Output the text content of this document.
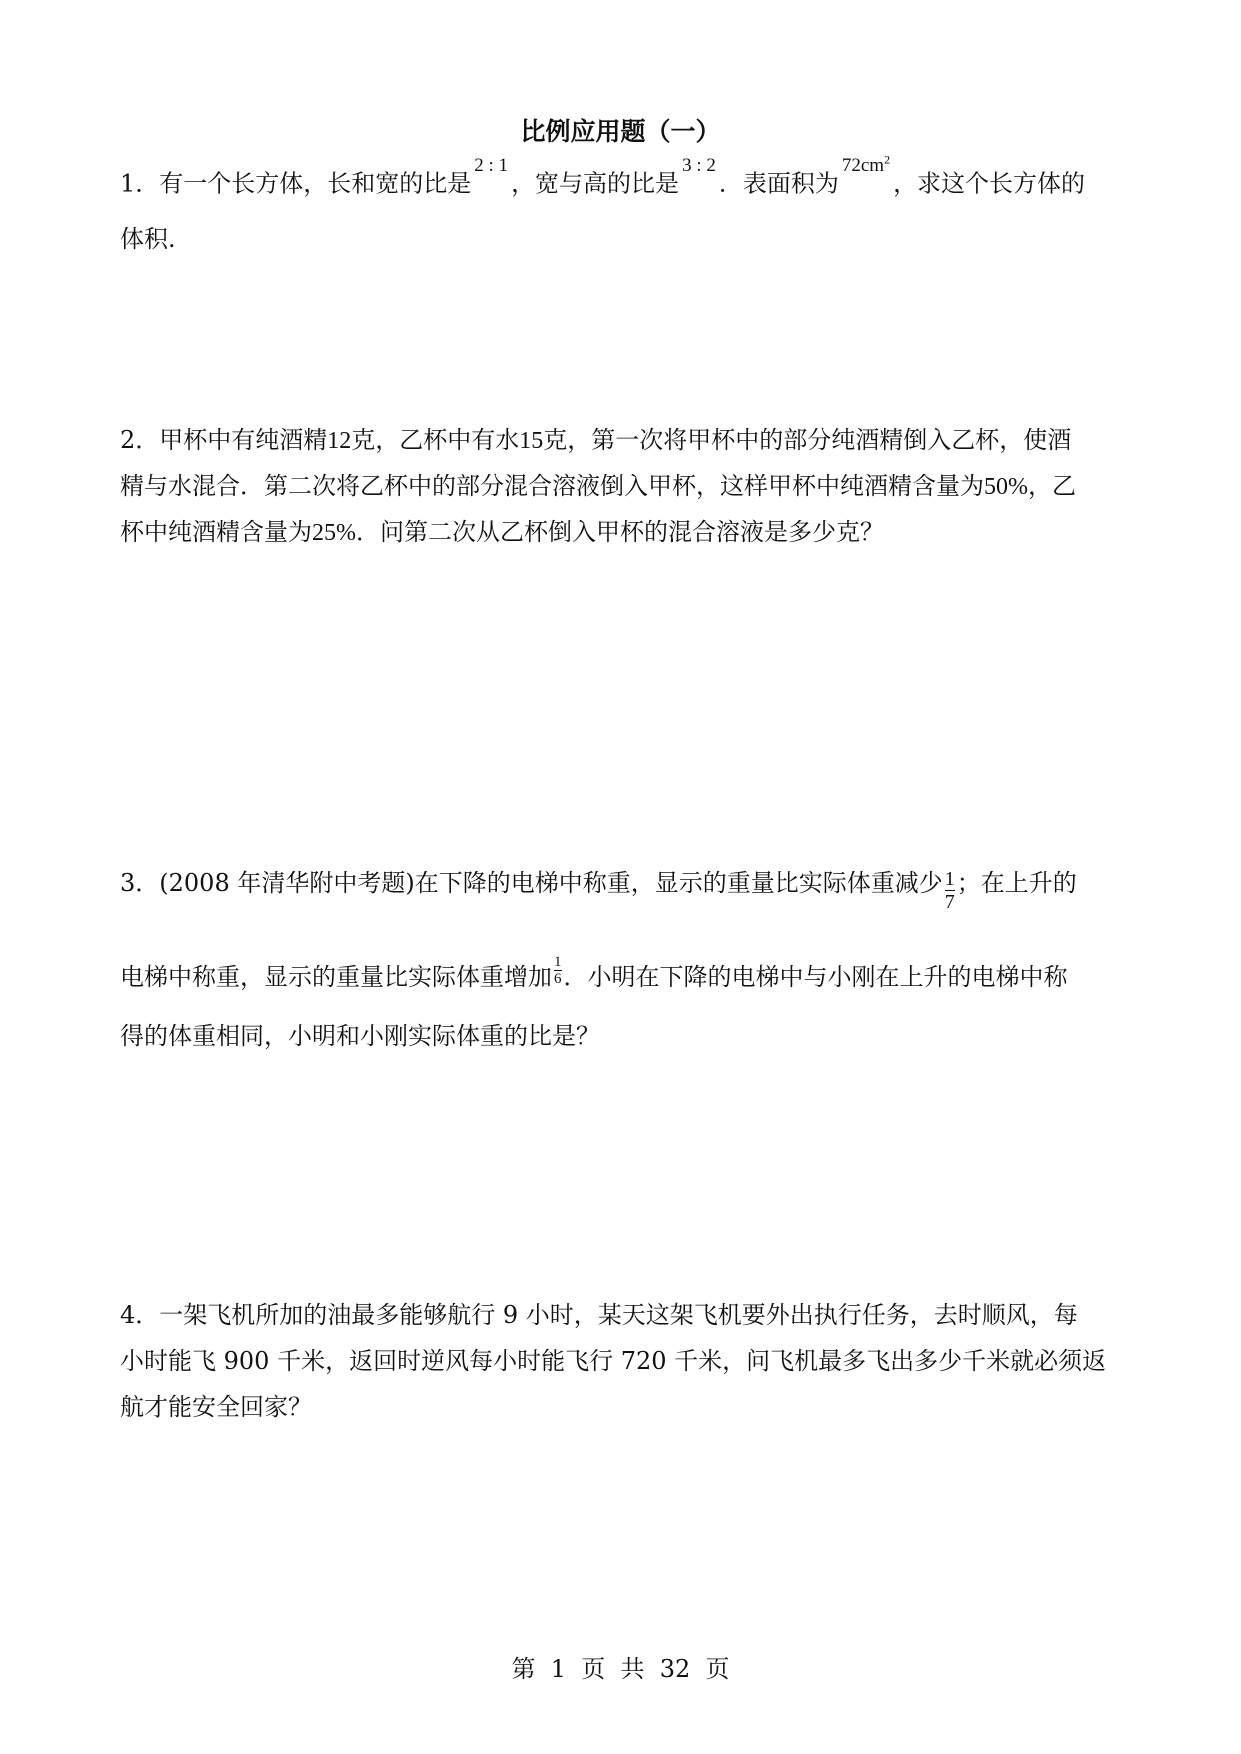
比例应用题（一）
1．有一个长方体，长和宽的比是$^{2 : 1}$，宽与高的比是$^{3 : 2}$．表面积为$^{72cm^2}$，求这个长方体的
体积.
2．甲杯中有纯酒精12克，乙杯中有水15克，第一次将甲杯中的部分纯酒精倒入乙杯，使酒
精与水混合．第二次将乙杯中的部分混合溶液倒入甲杯，这样甲杯中纯酒精含量为50%，乙
杯中纯酒精含量为25%．问第二次从乙杯倒入甲杯的混合溶液是多少克？
3．(2008 年清华附中考题)在下降的电梯中称重，显示的重量比实际体重减少 $\frac{1}{7}$ ；在上升的
电梯中称重，显示的重量比实际体重增加 $\frac{1}{6}$ ．小明在下降的电梯中与小刚在上升的电梯中称
得的体重相同，小明和小刚实际体重的比是？
4．一架飞机所加的油最多能够航行 9 小时，某天这架飞机要外出执行任务，去时顺风，每
小时能飞 900 千米，返回时逆风每小时能飞行 720 千米，问飞机最多飞出多少千米就必须返
航才能安全回家？
第  1  页  共  32  页
